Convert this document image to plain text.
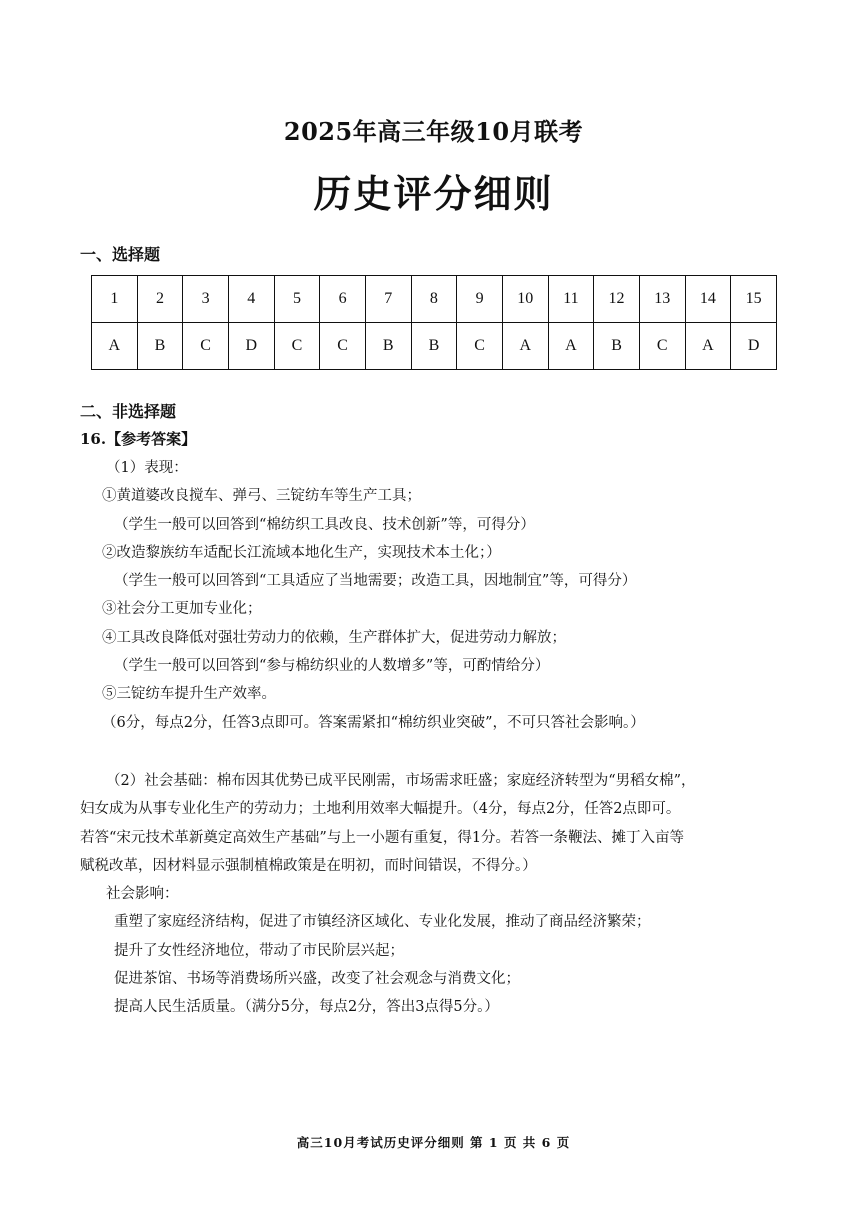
2025年高三年级10月联考
历史评分细则
一、选择题
1	2	3	4	5	6	7	8	9	10	11	12	13	14	15
A	B	C	D	C	C	B	B	C	A	A	B	C	A	D
二、非选择题
16.【参考答案】
（1）表现：
①黄道婆改良搅车、弹弓、三锭纺车等生产工具；
（学生一般可以回答到“棉纺织工具改良、技术创新”等，可得分）
②改造黎族纺车适配长江流域本地化生产，实现技术本土化；）
（学生一般可以回答到“工具适应了当地需要；改造工具，因地制宜”等，可得分）
③社会分工更加专业化；
④工具改良降低对强壮劳动力的依赖，生产群体扩大，促进劳动力解放；
（学生一般可以回答到“参与棉纺织业的人数增多”等，可酌情给分）
⑤三锭纺车提升生产效率。
（6分，每点2分，任答3点即可。答案需紧扣“棉纺织业突破”，不可只答社会影响。）
（2）社会基础：棉布因其优势已成平民刚需，市场需求旺盛；家庭经济转型为“男稻女棉”，
妇女成为从事专业化生产的劳动力；土地利用效率大幅提升。（4分，每点2分，任答2点即可。
若答“宋元技术革新奠定高效生产基础”与上一小题有重复，得1分。若答一条鞭法、摊丁入亩等
赋税改革，因材料显示强制植棉政策是在明初，而时间错误，不得分。）
社会影响：
重塑了家庭经济结构，促进了市镇经济区域化、专业化发展，推动了商品经济繁荣；
提升了女性经济地位，带动了市民阶层兴起；
促进茶馆、书场等消费场所兴盛，改变了社会观念与消费文化；
提高人民生活质量。（满分5分，每点2分，答出3点得5分。）
高三10月考试历史评分细则 第 1 页 共 6 页
